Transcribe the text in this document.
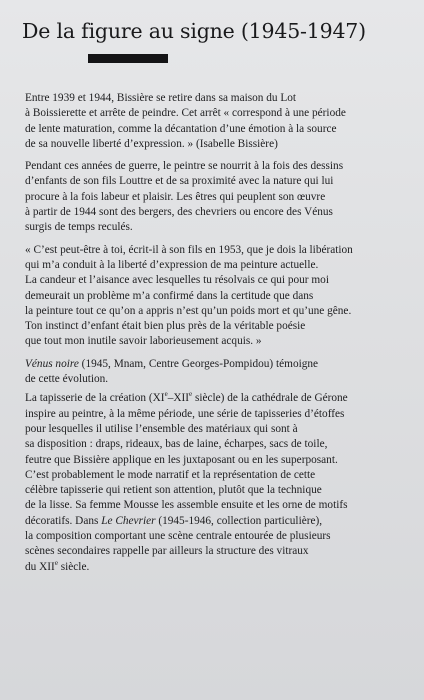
De la figure au signe (1945-1947)

Entre 1939 et 1944, Bissière se retire dans sa maison du Lot
à Boissierette et arrête de peindre. Cet arrêt « correspond à une période
de lente maturation, comme la décantation d’une émotion à la source
de sa nouvelle liberté d’expression. » (Isabelle Bissière)

Pendant ces années de guerre, le peintre se nourrit à la fois des dessins
d’enfants de son fils Louttre et de sa proximité avec la nature qui lui
procure à la fois labeur et plaisir. Les êtres qui peuplent son œuvre
à partir de 1944 sont des bergers, des chevriers ou encore des Vénus
surgis de temps reculés.

« C’est peut-être à toi, écrit-il à son fils en 1953, que je dois la libération
qui m’a conduit à la liberté d’expression de ma peinture actuelle.
La candeur et l’aisance avec lesquelles tu résolvais ce qui pour moi
demeurait un problème m’a confirmé dans la certitude que dans
la peinture tout ce qu’on a appris n’est qu’un poids mort et qu’une gêne.
Ton instinct d’enfant était bien plus près de la véritable poésie
que tout mon inutile savoir laborieusement acquis. »

Vénus noire (1945, Mnam, Centre Georges-Pompidou) témoigne
de cette évolution.

La tapisserie de la création (XIe–XIIe siècle) de la cathédrale de Gérone
inspire au peintre, à la même période, une série de tapisseries d’étoffes
pour lesquelles il utilise l’ensemble des matériaux qui sont à
sa disposition : draps, rideaux, bas de laine, écharpes, sacs de toile,
feutre que Bissière applique en les juxtaposant ou en les superposant.
C’est probablement le mode narratif et la représentation de cette
célèbre tapisserie qui retient son attention, plutôt que la technique
de la lisse. Sa femme Mousse les assemble ensuite et les orne de motifs
décoratifs. Dans Le Chevrier (1945-1946, collection particulière),
la composition comportant une scène centrale entourée de plusieurs
scènes secondaires rappelle par ailleurs la structure des vitraux
du XIIe siècle.
